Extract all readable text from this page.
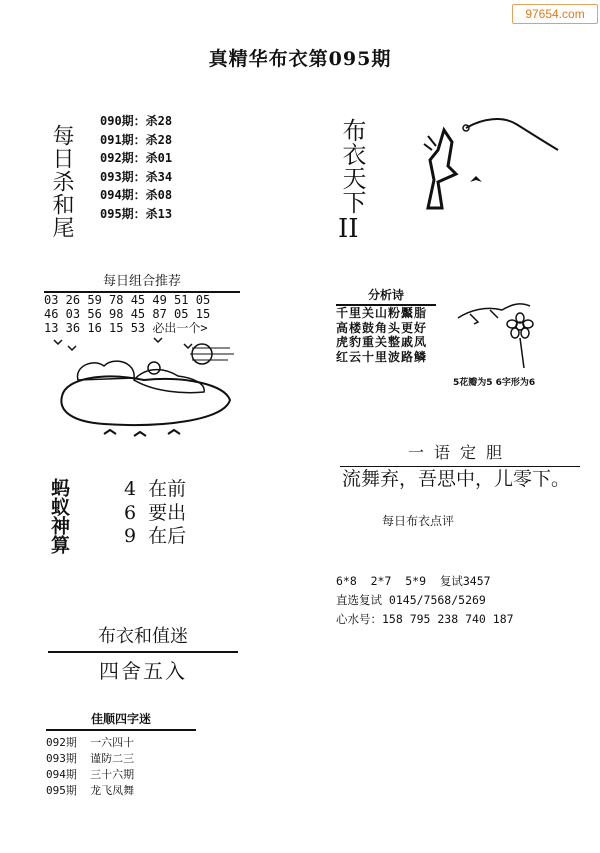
97654.com
真精华布衣第095期
每日杀和尾
090期：杀28
091期：杀28
092期：杀01
093期：杀34
094期：杀08
095期：杀13	布衣天下
II
每日组合推荐
03 26 59 78 45 49 51 05
46 03 56 98 45 87 05 15
13 36 16 15 53 必出一个>
蚂蚁神算	4  在前
6  要出
9  在后
布衣和值迷
四舍五入
佳顺四字迷
092期  一六四十
093期  谨防二三
094期  三十六期
095期  龙飞凤舞
分析诗
千里关山粉黶脂
高楼鼓角头更好
虎豹重关整戚凤
红云十里波路鳞
5花瓣为5 6字形为6
一语定胆
流舞弃，吾思中，儿零下。
每日布衣点评
6*8  2*7  5*9  复试3457
直选复试 0145/7568/5269
心水号：158 795 238 740 187
